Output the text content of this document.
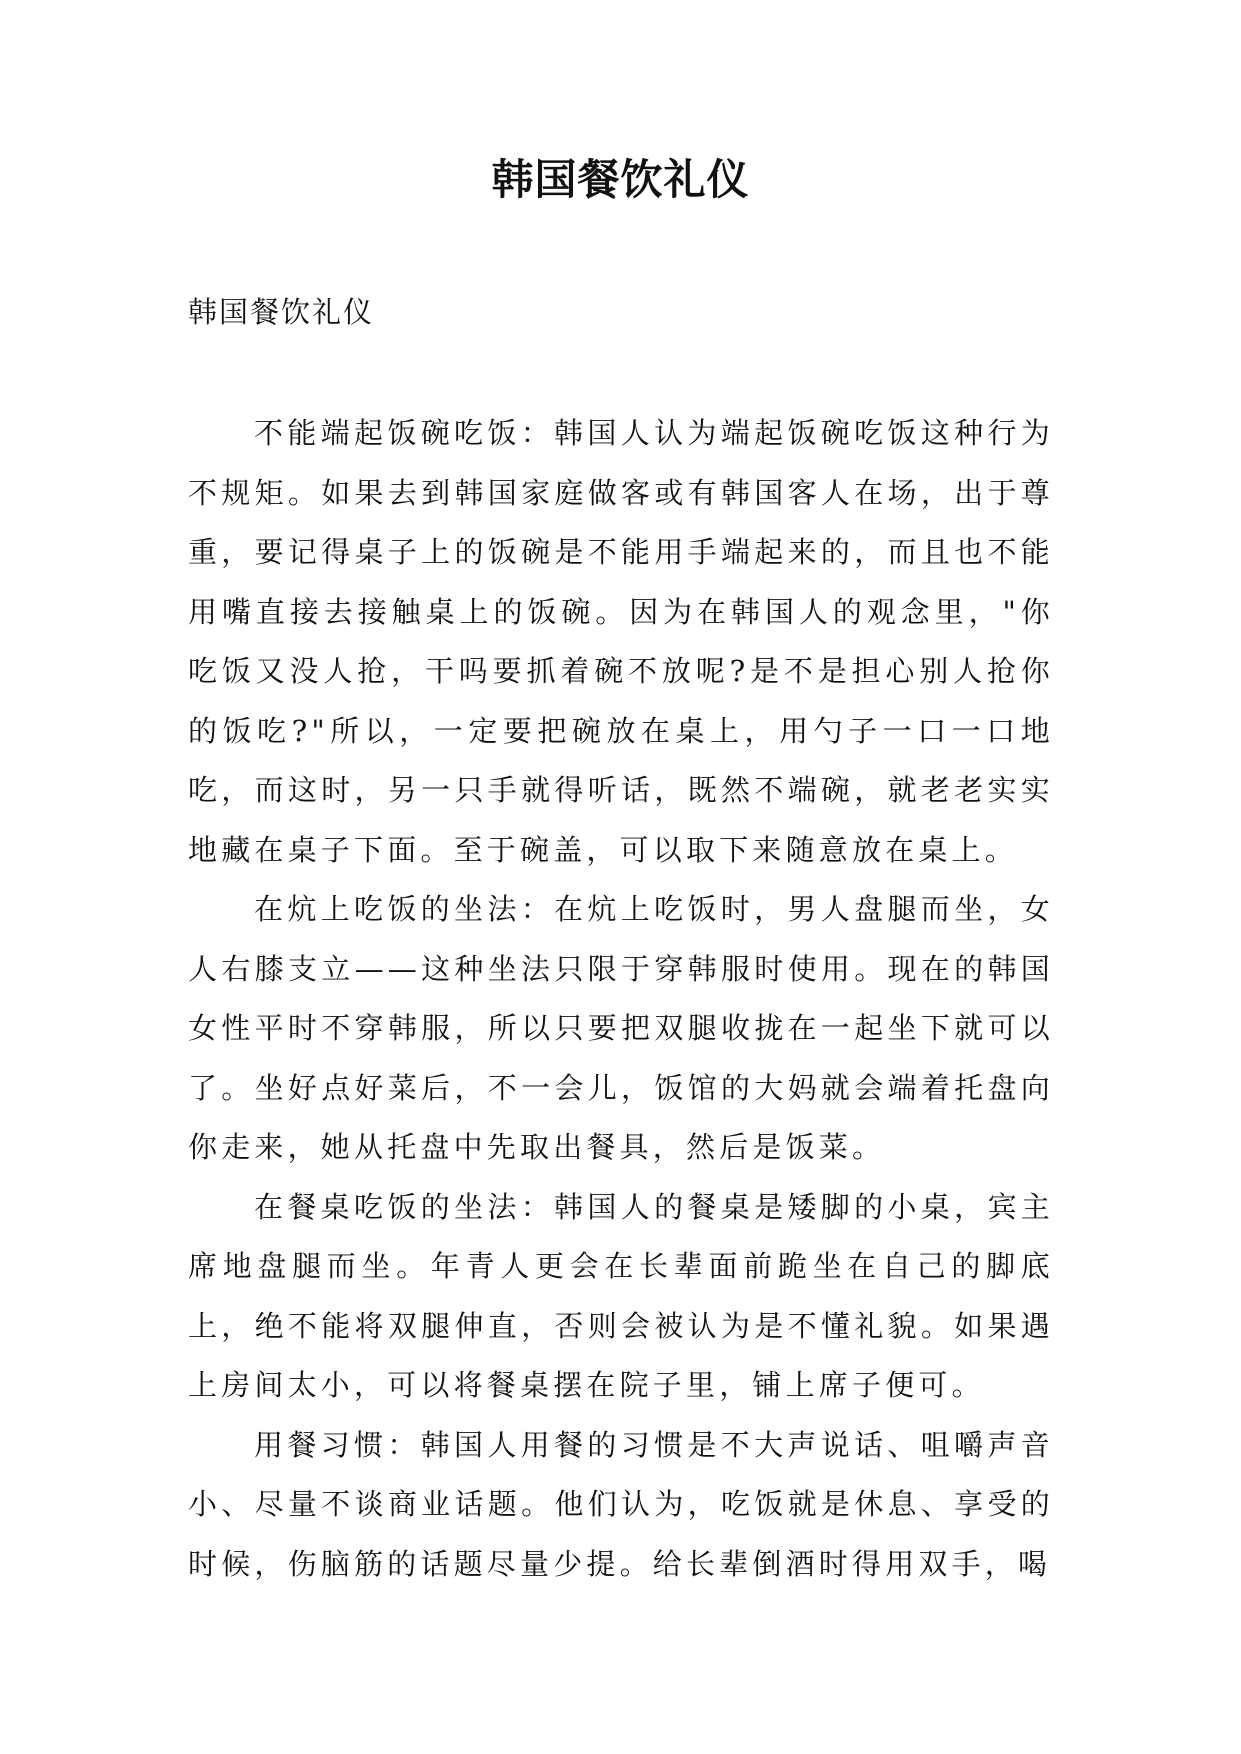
韩国餐饮礼仪

韩国餐饮礼仪

不能端起饭碗吃饭：韩国人认为端起饭碗吃饭这种行为不规矩。如果去到韩国家庭做客或有韩国客人在场，出于尊重，要记得桌子上的饭碗是不能用手端起来的，而且也不能用嘴直接去接触桌上的饭碗。因为在韩国人的观念里，"你吃饭又没人抢，干吗要抓着碗不放呢?是不是担心别人抢你的饭吃?"所以，一定要把碗放在桌上，用勺子一口一口地吃，而这时，另一只手就得听话，既然不端碗，就老老实实地藏在桌子下面。至于碗盖，可以取下来随意放在桌上。

在炕上吃饭的坐法：在炕上吃饭时，男人盘腿而坐，女人右膝支立——这种坐法只限于穿韩服时使用。现在的韩国女性平时不穿韩服，所以只要把双腿收拢在一起坐下就可以了。坐好点好菜后，不一会儿，饭馆的大妈就会端着托盘向你走来，她从托盘中先取出餐具，然后是饭菜。

在餐桌吃饭的坐法：韩国人的餐桌是矮脚的小桌，宾主席地盘腿而坐。年青人更会在长辈面前跪坐在自己的脚底上，绝不能将双腿伸直，否则会被认为是不懂礼貌。如果遇上房间太小，可以将餐桌摆在院子里，铺上席子便可。

用餐习惯：韩国人用餐的习惯是不大声说话、咀嚼声音小、尽量不谈商业话题。他们认为，吃饭就是休息、享受的时候，伤脑筋的话题尽量少提。给长辈倒酒时得用双手，喝
